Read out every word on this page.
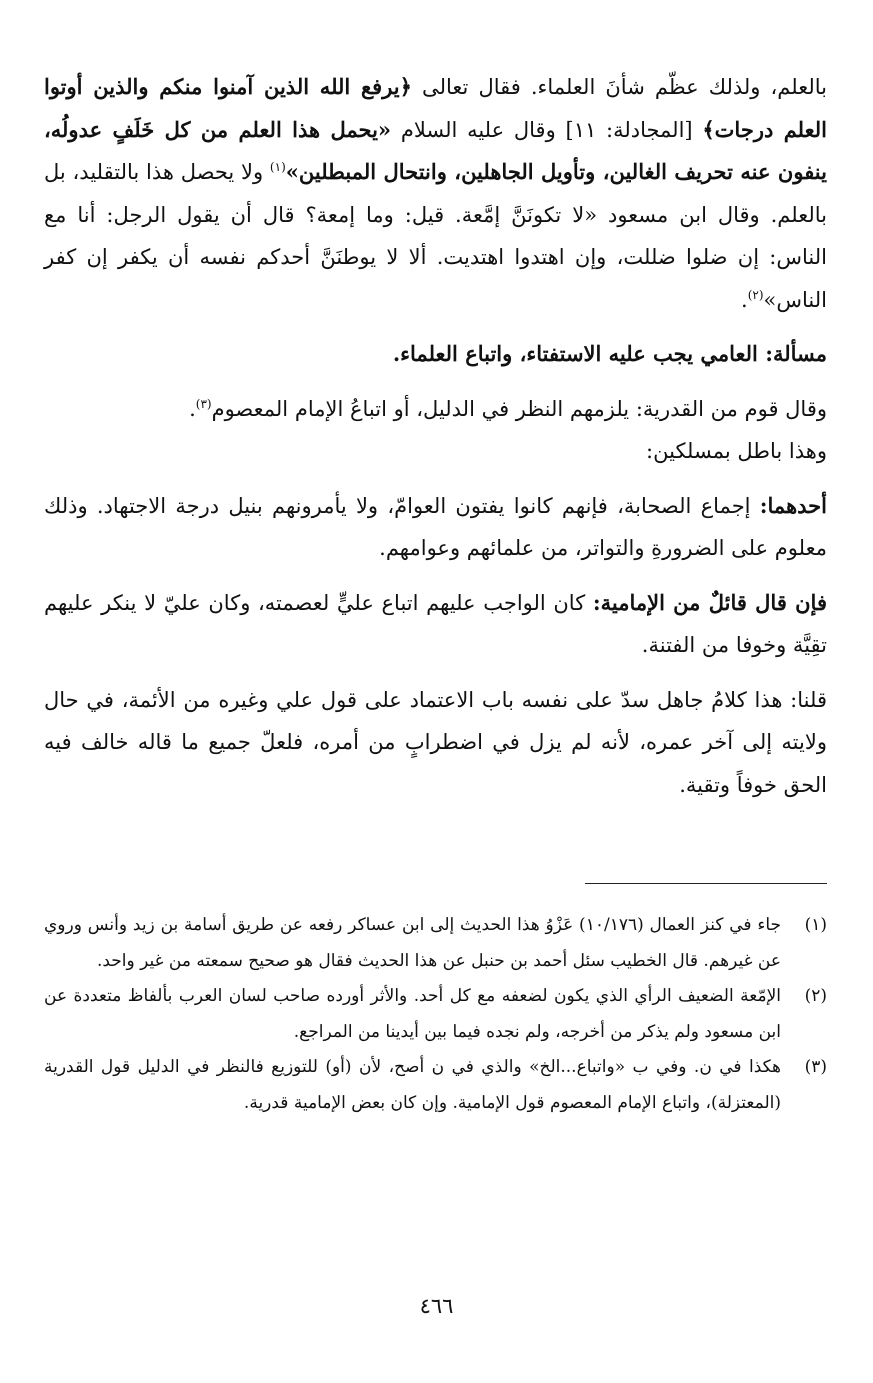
بالعلم، ولذلك عظّم شأنَ العلماء. فقال تعالى ﴿يرفع الله الذين آمنوا منكم والذين أوتوا العلم درجات﴾ [المجادلة: ١١] وقال عليه السلام «يحمل هذا العلم من كل خَلَفٍ عدولُه، ينفون عنه تحريف الغالين، وتأويل الجاهلين، وانتحال المبطلين»$^{(١)}$ ولا يحصل هذا بالتقليد، بل بالعلم. وقال ابن مسعود «لا تكونَنَّ إمَّعة. قيل: وما إمعة؟ قال أن يقول الرجل: أنا مع الناس: إن ضلوا ضللت، وإن اهتدوا اهتديت. ألا لا يوطنَنَّ أحدكم نفسه أن يكفر إن كفر الناس»$^{(٢)}$.

مسألة: العامي يجب عليه الاستفتاء، واتباع العلماء.

وقال قوم من القدرية: يلزمهم النظر في الدليل، أو اتباعُ الإمام المعصوم$^{(٣)}$.

وهذا باطل بمسلكين:

أحدهما: إجماع الصحابة، فإنهم كانوا يفتون العوامّ، ولا يأمرونهم بنيل درجة الاجتهاد. وذلك معلوم على الضرورةِ والتواتر، من علمائهم وعوامهم.

فإن قال قائلٌ من الإمامية: كان الواجب عليهم اتباع عليٍّ لعصمته، وكان عليّ لا ينكر عليهم تقِيَّة وخوفا من الفتنة.

قلنا: هذا كلامُ جاهل سدّ على نفسه باب الاعتماد على قول علي وغيره من الأئمة، في حال ولايته إلى آخر عمره، لأنه لم يزل في اضطرابٍ من أمره، فلعلّ جميع ما قاله خالف فيه الحق خوفاً وتقية.

(١)
جاء في كنز العمال (١٠/١٧٦) عَزْوُ هذا الحديث إلى ابن عساكر رفعه عن طريق أسامة بن زيد وأنس وروي عن غيرهم. قال الخطيب سئل أحمد بن حنبل عن هذا الحديث فقال هو صحيح سمعته من غير واحد.
(٢)
الإمّعة الضعيف الرأي الذي يكون لضعفه مع كل أحد. والأثر أورده صاحب لسان العرب بألفاظ متعددة عن ابن مسعود ولم يذكر من أخرجه، ولم نجده فيما بين أيدينا من المراجع.
(٣)
هكذا في ن. وفي ب «واتباع...الخ» والذي في ن أصح، لأن (أو) للتوزيع فالنظر في الدليل قول القدرية (المعتزلة)، واتباع الإمام المعصوم قول الإمامية. وإن كان بعض الإمامية قدرية.
٤٦٦
